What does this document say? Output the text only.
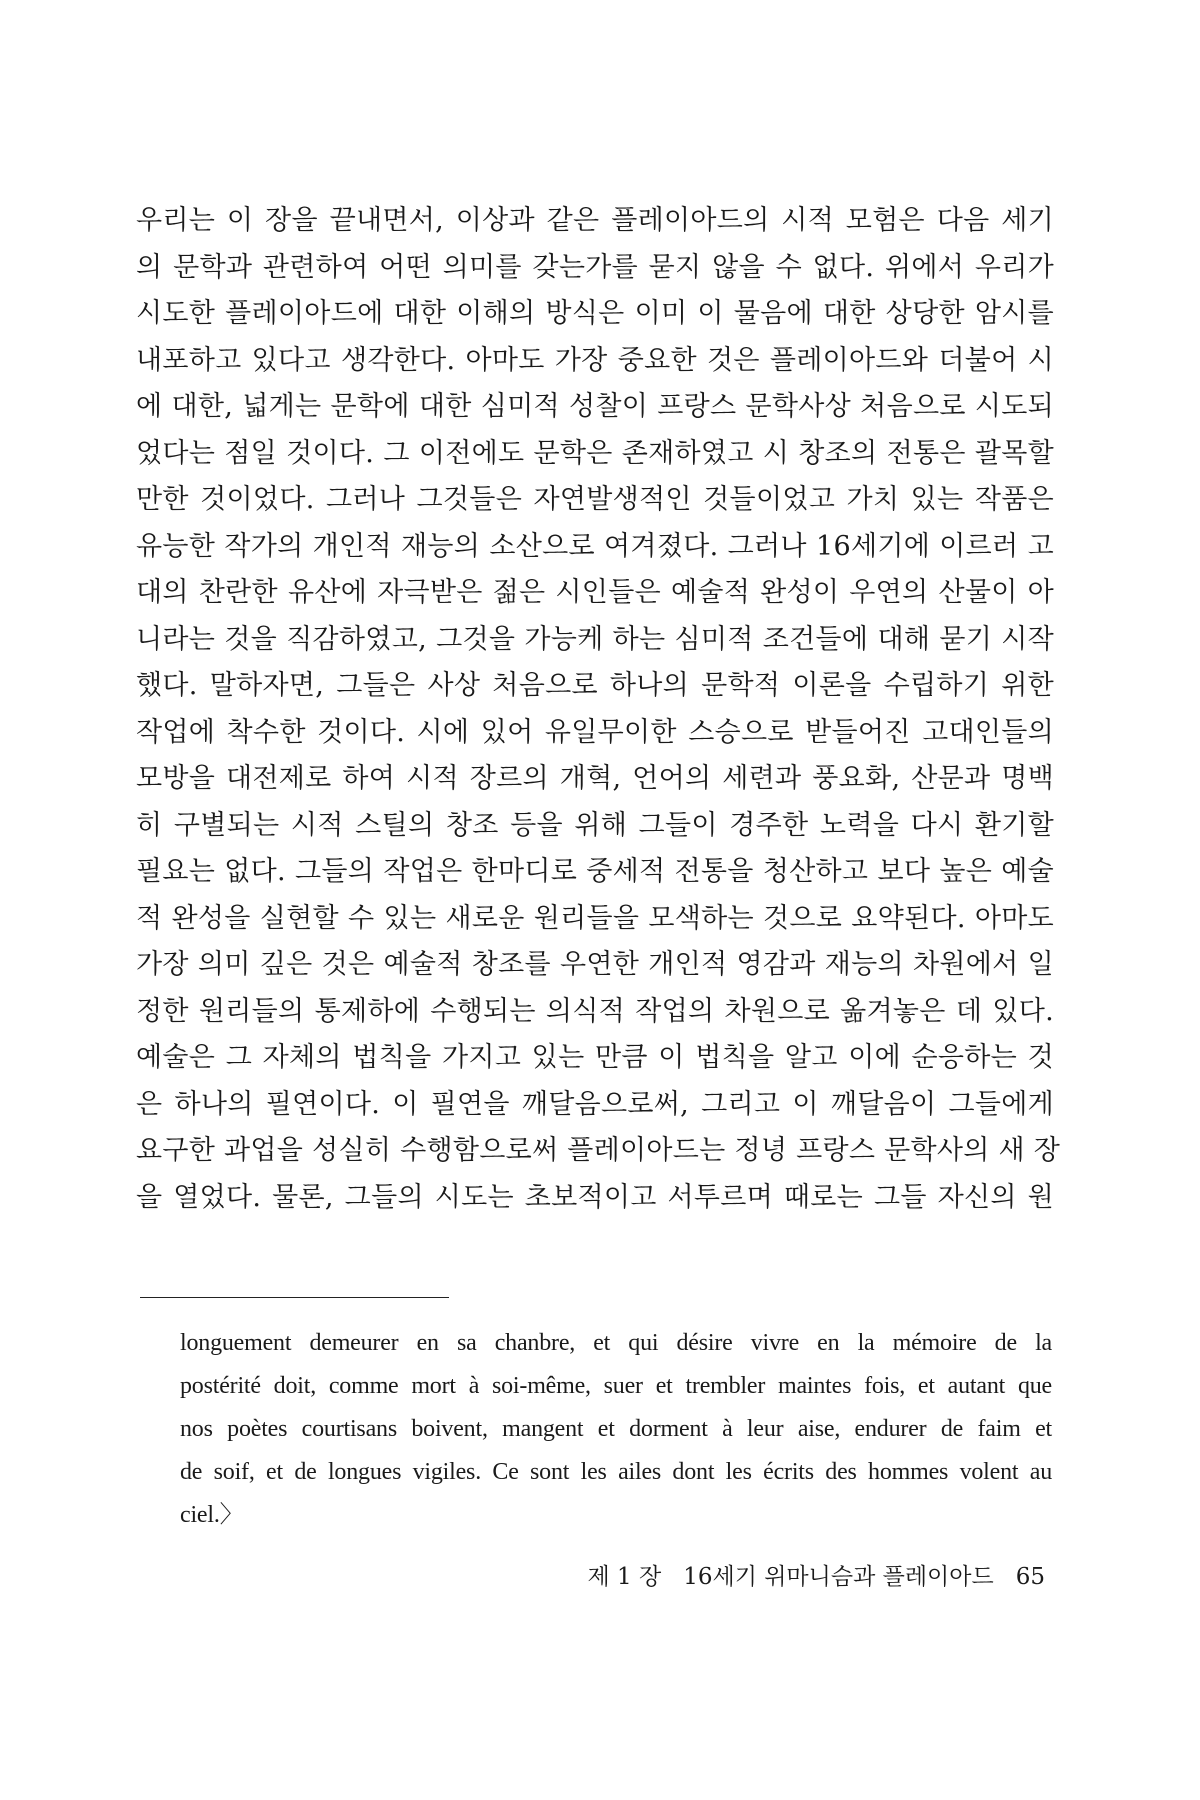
우리는 이 장을 끝내면서, 이상과 같은 플레이아드의 시적 모험은 다음 세기
의 문학과 관련하여 어떤 의미를 갖는가를 묻지 않을 수 없다. 위에서 우리가
시도한 플레이아드에 대한 이해의 방식은 이미 이 물음에 대한 상당한 암시를
내포하고 있다고 생각한다. 아마도 가장 중요한 것은 플레이아드와 더불어 시
에 대한, 넓게는 문학에 대한 심미적 성찰이 프랑스 문학사상 처음으로 시도되
었다는 점일 것이다. 그 이전에도 문학은 존재하였고 시 창조의 전통은 괄목할
만한 것이었다. 그러나 그것들은 자연발생적인 것들이었고 가치 있는 작품은
유능한 작가의 개인적 재능의 소산으로 여겨졌다. 그러나 16세기에 이르러 고
대의 찬란한 유산에 자극받은 젊은 시인들은 예술적 완성이 우연의 산물이 아
니라는 것을 직감하였고, 그것을 가능케 하는 심미적 조건들에 대해 묻기 시작
했다. 말하자면, 그들은 사상 처음으로 하나의 문학적 이론을 수립하기 위한
작업에 착수한 것이다. 시에 있어 유일무이한 스승으로 받들어진 고대인들의
모방을 대전제로 하여 시적 장르의 개혁, 언어의 세련과 풍요화, 산문과 명백
히 구별되는 시적 스틸의 창조 등을 위해 그들이 경주한 노력을 다시 환기할
필요는 없다. 그들의 작업은 한마디로 중세적 전통을 청산하고 보다 높은 예술
적 완성을 실현할 수 있는 새로운 원리들을 모색하는 것으로 요약된다. 아마도
가장 의미 깊은 것은 예술적 창조를 우연한 개인적 영감과 재능의 차원에서 일
정한 원리들의 통제하에 수행되는 의식적 작업의 차원으로 옮겨놓은 데 있다.
예술은 그 자체의 법칙을 가지고 있는 만큼 이 법칙을 알고 이에 순응하는 것
은 하나의 필연이다. 이 필연을 깨달음으로써, 그리고 이 깨달음이 그들에게
요구한 과업을 성실히 수행함으로써 플레이아드는 정녕 프랑스 문학사의 새 장
을 열었다. 물론, 그들의 시도는 초보적이고 서투르며 때로는 그들 자신의 원
longuement demeurer en sa chanbre, et qui désire vivre en la mémoire de la
postérité doit, comme mort à soi-même, suer et trembler maintes fois, et autant que
nos poètes courtisans boivent, mangent et dorment à leur aise, endurer de faim et
de soif, et de longues vigiles. Ce sont les ailes dont les écrits des hommes volent au
ciel.〉
제 1 장 16세기 위마니슴과 플레이아드 65
